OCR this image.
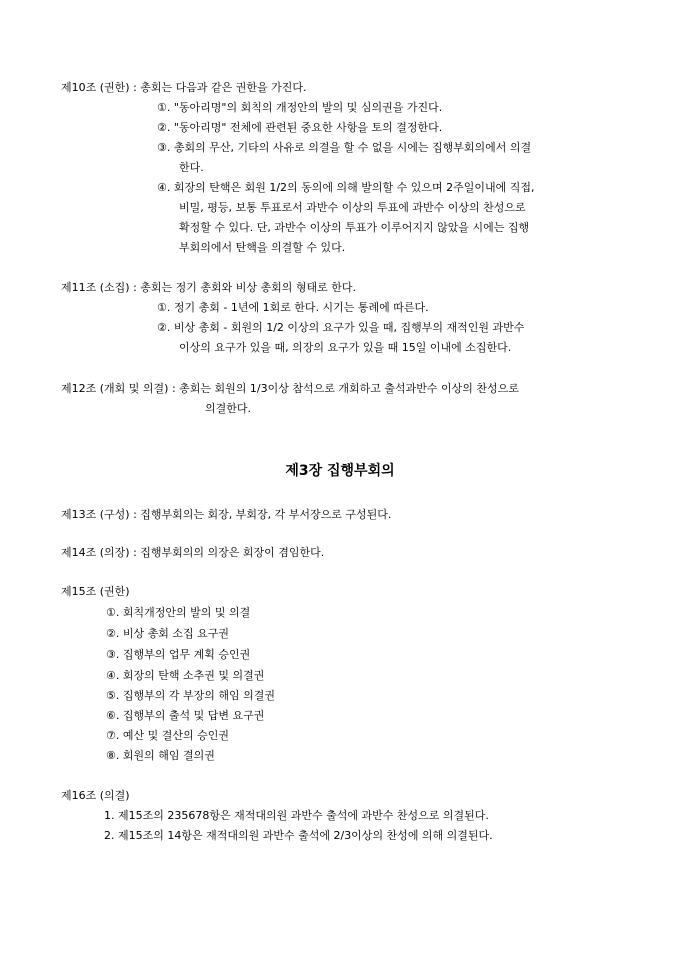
제10조 (권한) : 총회는 다음과 같은 권한을 가진다.
①. "동아리명"의 회칙의 개정안의 발의 및 심의권을 가진다.
②. "동아리명" 전체에 관련된 중요한 사항을 토의 결정한다.
③. 총회의 무산, 기타의 사유로 의결을 할 수 없을 시에는 집행부회의에서 의결
한다.
④. 회장의 탄핵은 회원 1/2의 동의에 의해 발의할 수 있으며 2주일이내에 직접,
비밀, 평등, 보통 투표로서 과반수 이상의 투표에 과반수 이상의 찬성으로
확정할 수 있다. 단, 과반수 이상의 투표가 이루어지지 않았을 시에는 집행
부회의에서 탄핵을 의결할 수 있다.
제11조 (소집) : 총회는 정기 총회와 비상 총회의 형태로 한다.
①. 정기 총회 - 1년에 1회로 한다. 시기는 통례에 따른다.
②. 비상 총회 - 회원의 1/2 이상의 요구가 있을 때, 집행부의 재적인원 과반수
이상의 요구가 있을 때, 의장의 요구가 있을 때 15일 이내에 소집한다.
제12조 (개회 및 의결) : 총회는 회원의 1/3이상 참석으로 개회하고 출석과반수 이상의 찬성으로
의결한다.
제3장 집행부회의
제13조 (구성) : 집행부회의는 회장, 부회장, 각 부서장으로 구성된다.
제14조 (의장) : 집행부회의의 의장은 회장이 겸임한다.
제15조 (권한)
①. 회칙개정안의 발의 및 의결
②. 비상 총회 소집 요구권
③. 집행부의 업무 계획 승인권
④. 회장의 탄핵 소추권 및 의결권
⑤. 집행부의 각 부장의 해임 의결권
⑥. 집행부의 출석 및 답변 요구권
⑦. 예산 및 결산의 승인권
⑧. 회원의 해임 결의권
제16조 (의결)
1. 제15조의 235678항은 재적대의원 과반수 출석에 과반수 찬성으로 의결된다.
2. 제15조의 14항은 재적대의원 과반수 출석에 2/3이상의 찬성에 의해 의결된다.
